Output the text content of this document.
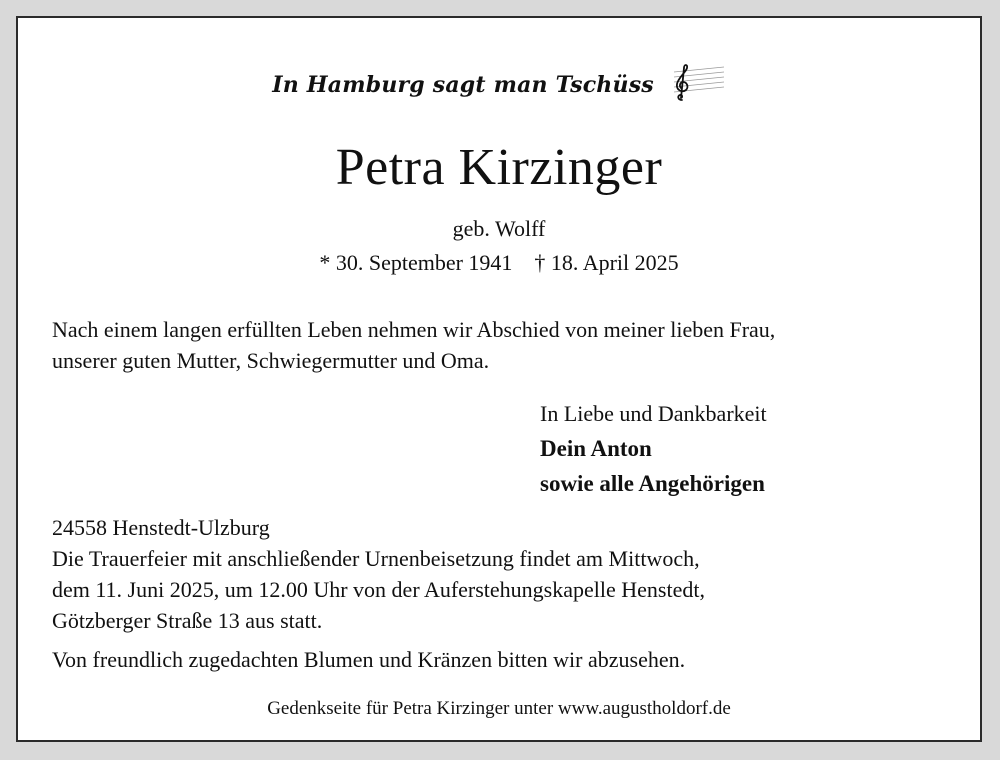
In Hamburg sagt man Tschüss
Petra Kirzinger
geb. Wolff
* 30. September 1941 † 18. April 2025
Nach einem langen erfüllten Leben nehmen wir Abschied von meiner lieben Frau,
unserer guten Mutter, Schwiegermutter und Oma.
In Liebe und Dankbarkeit
Dein Anton
sowie alle Angehörigen
24558 Henstedt-Ulzburg
Die Trauerfeier mit anschließender Urnenbeisetzung findet am Mittwoch,
dem 11. Juni 2025, um 12.00 Uhr von der Auferstehungskapelle Henstedt,
Götzberger Straße 13 aus statt.
Von freundlich zugedachten Blumen und Kränzen bitten wir abzusehen.
Gedenkseite für Petra Kirzinger unter www.augustholdorf.de
